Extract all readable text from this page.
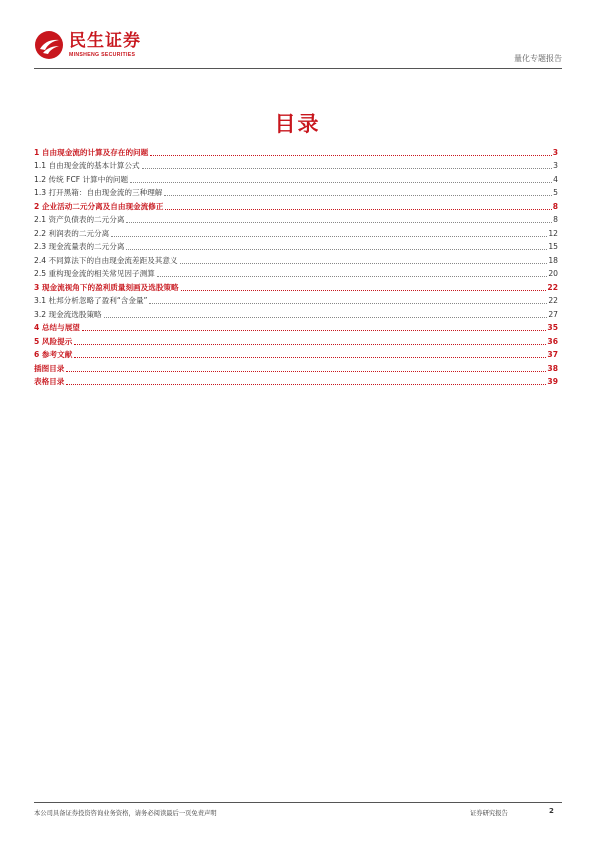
民生证券
MINSHENG SECURITIES	量化专题报告
目录
1 自由现金流的计算及存在的问题	3
1.1 自由现金流的基本计算公式	3
1.2 传统 FCF 计算中的问题	4
1.3 打开黑箱：自由现金流的三种理解	5
2 企业活动二元分离及自由现金流修正	8
2.1 资产负债表的二元分离	8
2.2 利润表的二元分离	12
2.3 现金流量表的二元分离	15
2.4 不同算法下的自由现金流差距及其意义	18
2.5 重构现金流的相关常见因子测算	20
3 现金流视角下的盈利质量刻画及选股策略	22
3.1 杜邦分析忽略了盈利“含金量”	22
3.2 现金流选股策略	27
4 总结与展望	35
5 风险提示	36
6 参考文献	37
插图目录	38
表格目录	39
本公司具备证券投资咨询业务资格，请务必阅读最后一页免责声明	证券研究报告	2
